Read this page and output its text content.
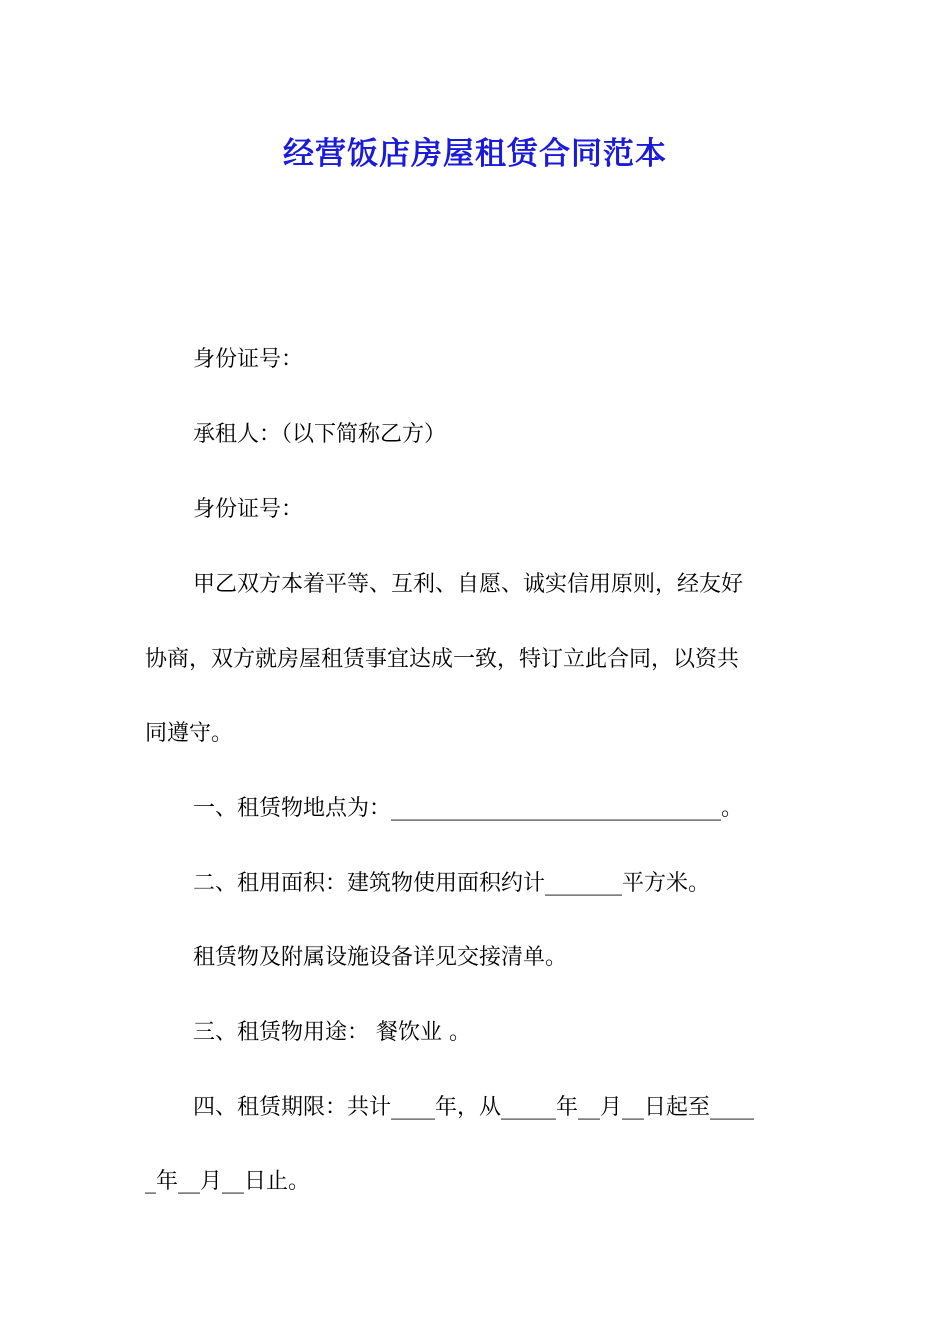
经营饭店房屋租赁合同范本
身份证号：
承租人：（以下简称乙方）
身份证号：
甲乙双方本着平等、互利、自愿、诚实信用原则，经友好
协商，双方就房屋租赁事宜达成一致，特订立此合同，以资共
同遵守。
一、租赁物地点为：______________________________。
二、租用面积：建筑物使用面积约计_______平方米。
租赁物及附属设施设备详见交接清单。
三、租赁物用途： 餐饮业 。
四、租赁期限：共计____年，从_____年__月__日起至____
_年__月__日止。
